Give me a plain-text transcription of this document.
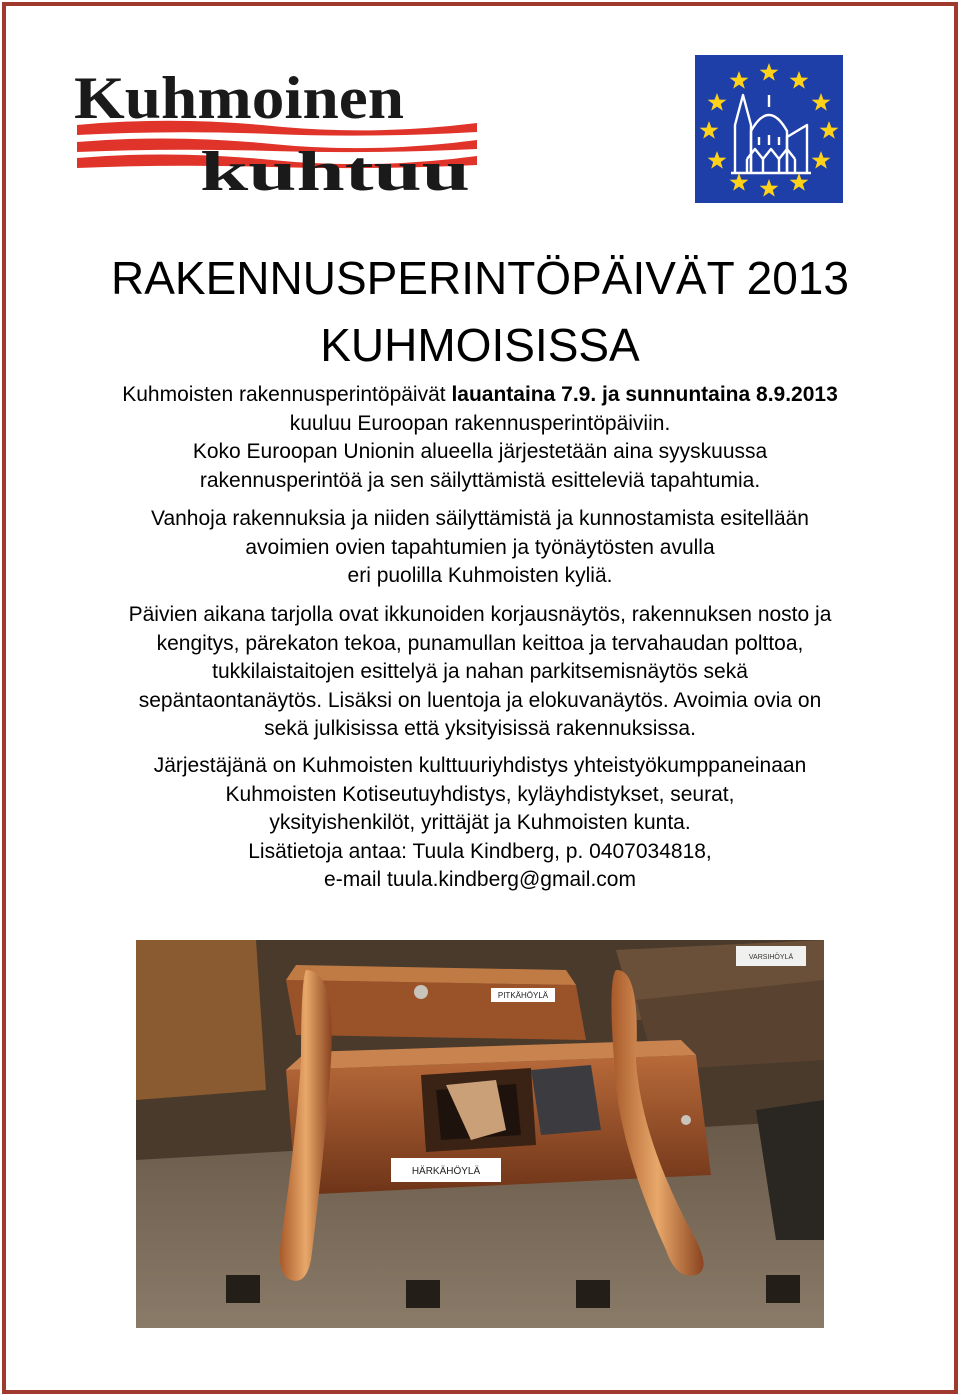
Kuhmoinen
kuhtuu
RAKENNUSPERINTÖPÄIVÄT 2013
KUHMOISISSA
Kuhmoisten rakennusperintöpäivät lauantaina 7.9. ja sunnuntaina 8.9.2013
kuuluu Euroopan rakennusperintöpäiviin.
Koko Euroopan Unionin alueella järjestetään aina syyskuussa
rakennusperintöä ja sen säilyttämistä esitteleviä tapahtumia.
Vanhoja rakennuksia ja niiden säilyttämistä ja kunnostamista esitellään
avoimien ovien tapahtumien ja työnäytösten avulla
eri puolilla Kuhmoisten kyliä.
Päivien aikana tarjolla ovat ikkunoiden korjausnäytös, rakennuksen nosto ja
kengitys, pärekaton tekoa, punamullan keittoa ja tervahaudan polttoa,
tukkilaistaitojen esittelyä ja nahan parkitsemisnäytös sekä
sepäntaontanäytös. Lisäksi on luentoja ja elokuvanäytös. Avoimia ovia on
sekä julkisissa että yksityisissä rakennuksissa.
Järjestäjänä on Kuhmoisten kulttuuriyhdistys yhteistyökumppaneinaan
Kuhmoisten Kotiseutuyhdistys, kyläyhdistykset, seurat,
yksityishenkilöt, yrittäjät ja Kuhmoisten kunta.
Lisätietoja antaa: Tuula Kindberg, p. 0407034818,
e-mail tuula.kindberg@gmail.com
PITKÄHÖYLÄ
VARSIHÖYLÄ
HÄRKÄHÖYLÄ
